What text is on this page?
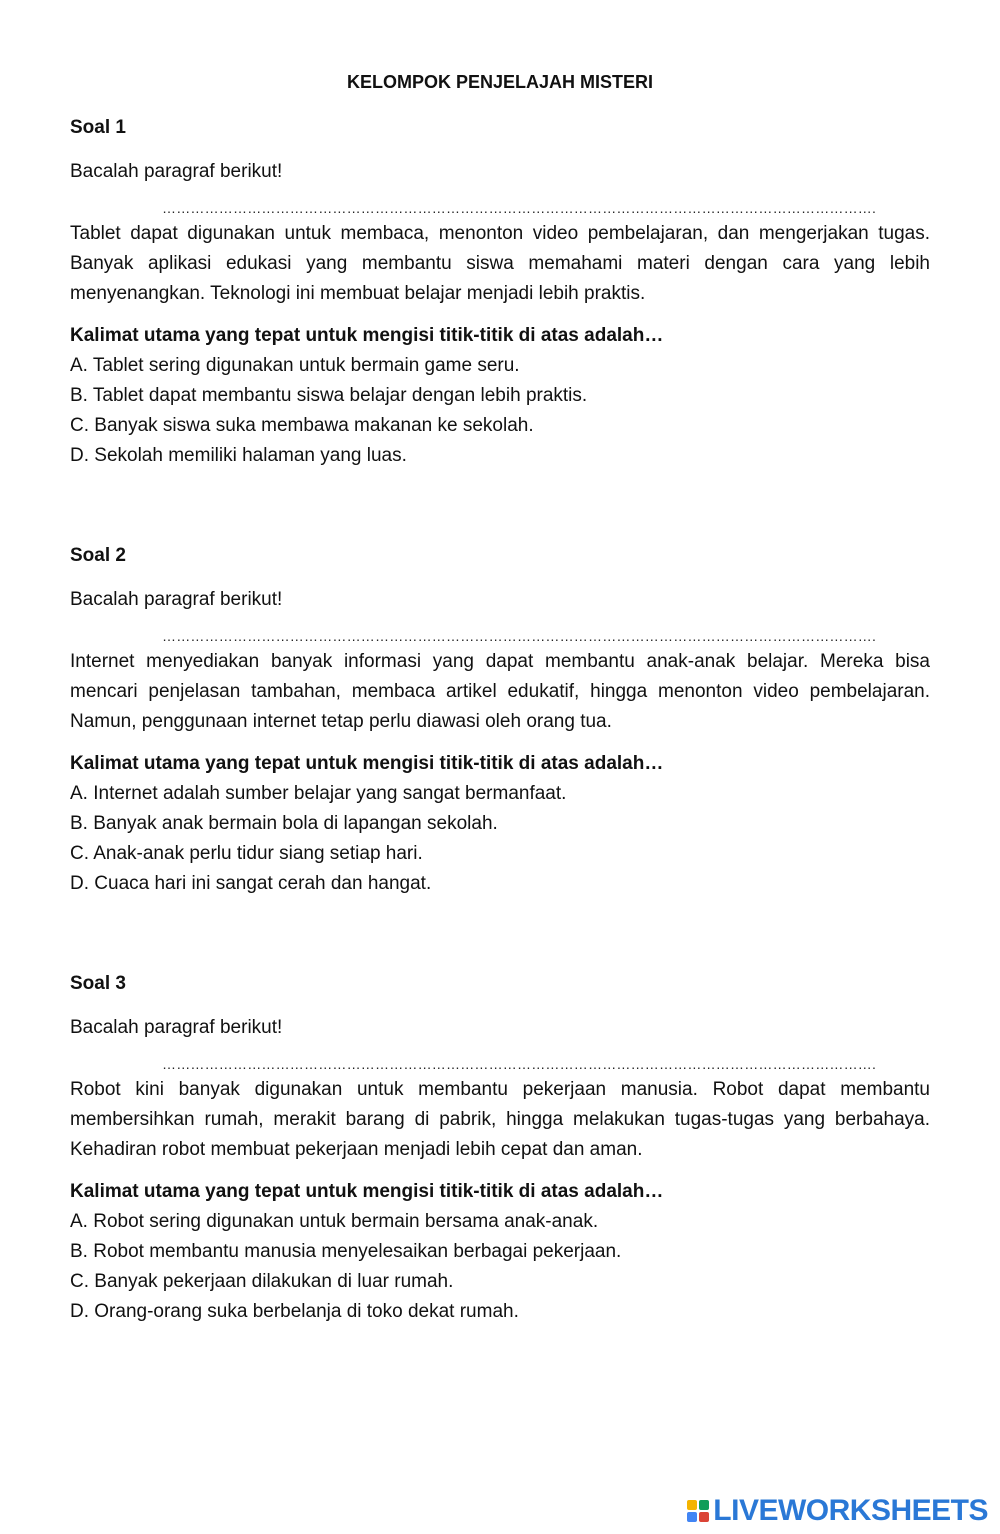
KELOMPOK PENJELAJAH MISTERI
Soal 1
Bacalah paragraf berikut!
…………………………………………………………………………………………………………………………………….

Tablet dapat digunakan untuk membaca, menonton video pembelajaran, dan mengerjakan tugas. Banyak aplikasi edukasi yang membantu siswa memahami materi dengan cara yang lebih menyenangkan. Teknologi ini membuat belajar menjadi lebih praktis.

Kalimat utama yang tepat untuk mengisi titik-titik di atas adalah…
A. Tablet sering digunakan untuk bermain game seru.
B. Tablet dapat membantu siswa belajar dengan lebih praktis.
C. Banyak siswa suka membawa makanan ke sekolah.
D. Sekolah memiliki halaman yang luas.
Soal 2
Bacalah paragraf berikut!
…………………………………………………………………………………………………………………………………….

Internet menyediakan banyak informasi yang dapat membantu anak-anak belajar. Mereka bisa mencari penjelasan tambahan, membaca artikel edukatif, hingga menonton video pembelajaran. Namun, penggunaan internet tetap perlu diawasi oleh orang tua.

Kalimat utama yang tepat untuk mengisi titik-titik di atas adalah…
A. Internet adalah sumber belajar yang sangat bermanfaat.
B. Banyak anak bermain bola di lapangan sekolah.
C. Anak-anak perlu tidur siang setiap hari.
D. Cuaca hari ini sangat cerah dan hangat.
Soal 3
Bacalah paragraf berikut!
…………………………………………………………………………………………………………………………………….

Robot kini banyak digunakan untuk membantu pekerjaan manusia. Robot dapat membantu membersihkan rumah, merakit barang di pabrik, hingga melakukan tugas-tugas yang berbahaya. Kehadiran robot membuat pekerjaan menjadi lebih cepat dan aman.

Kalimat utama yang tepat untuk mengisi titik-titik di atas adalah…
A. Robot sering digunakan untuk bermain bersama anak-anak.
B. Robot membantu manusia menyelesaikan berbagai pekerjaan.
C. Banyak pekerjaan dilakukan di luar rumah.
D. Orang-orang suka berbelanja di toko dekat rumah.
LIVEWORKSHEETS
